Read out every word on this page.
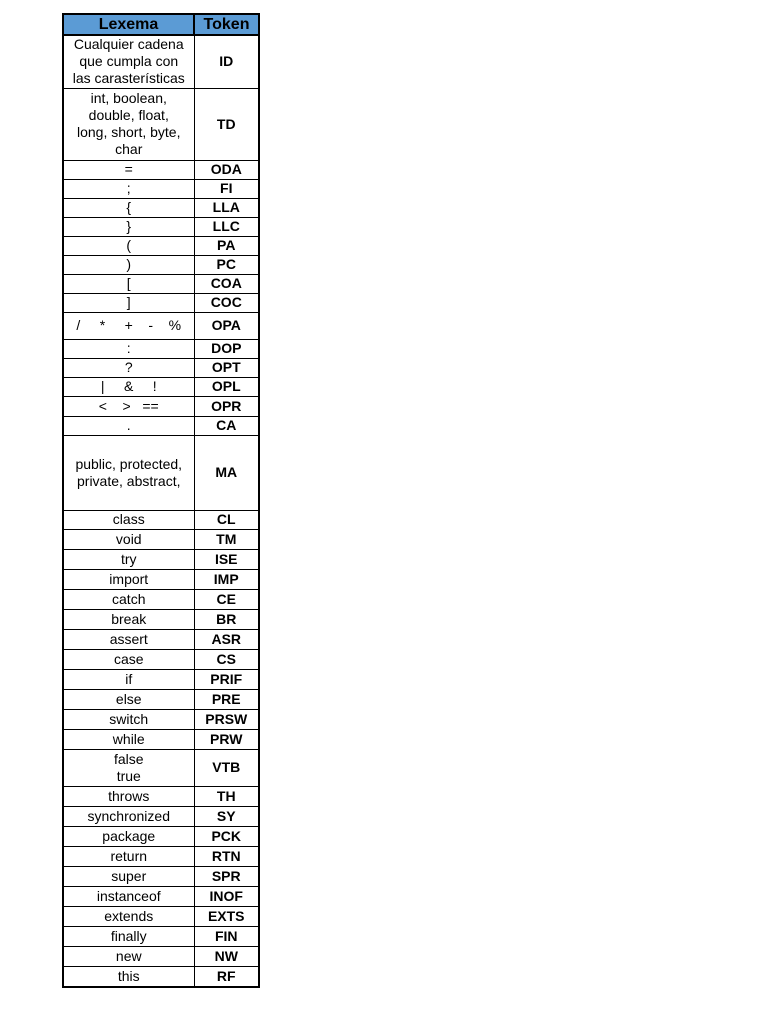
Lexema	Token
Cualquier cadena
que cumpla con
las carasterísticas	ID
int, boolean,
double, float,
long, short, byte,
char	TD
=	ODA
;	FI
{	LLA
}	LLC
(	PA
)	PC
[	COA
]	COC
/     *     +    -    %	OPA
:	DOP
?	OPT
|     &     !	OPL
<    >   ==	OPR
.	CA
public, protected,
private, abstract,	MA
class	CL
void	TM
try	ISE
import	IMP
catch	CE
break	BR
assert	ASR
case	CS
if	PRIF
else	PRE
switch	PRSW
while	PRW
false
true	VTB
throws	TH
synchronized	SY
package	PCK
return	RTN
super	SPR
instanceof	INOF
extends	EXTS
finally	FIN
new	NW
this	RF
